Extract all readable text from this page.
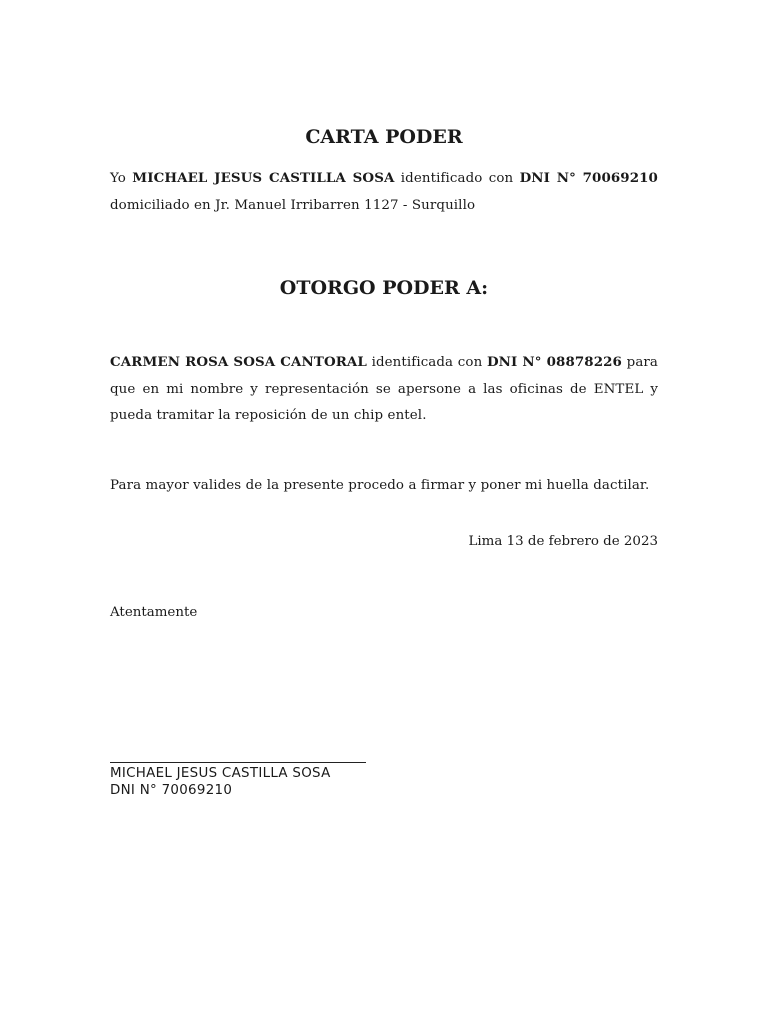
CARTA PODER

Yo MICHAEL JESUS CASTILLA SOSA identificado con DNI N° 70069210 domiciliado en Jr. Manuel Irribarren 1127 - Surquillo

OTORGO PODER A:

CARMEN ROSA SOSA CANTORAL identificada con DNI N° 08878226 para que en mi nombre y representación se apersone a las oficinas de ENTEL y pueda tramitar la reposición de un chip entel.

Para mayor valides de la presente procedo a firmar y poner mi huella dactilar.

Lima 13 de febrero de 2023

Atentamente

MICHAEL JESUS CASTILLA SOSA

DNI N° 70069210
